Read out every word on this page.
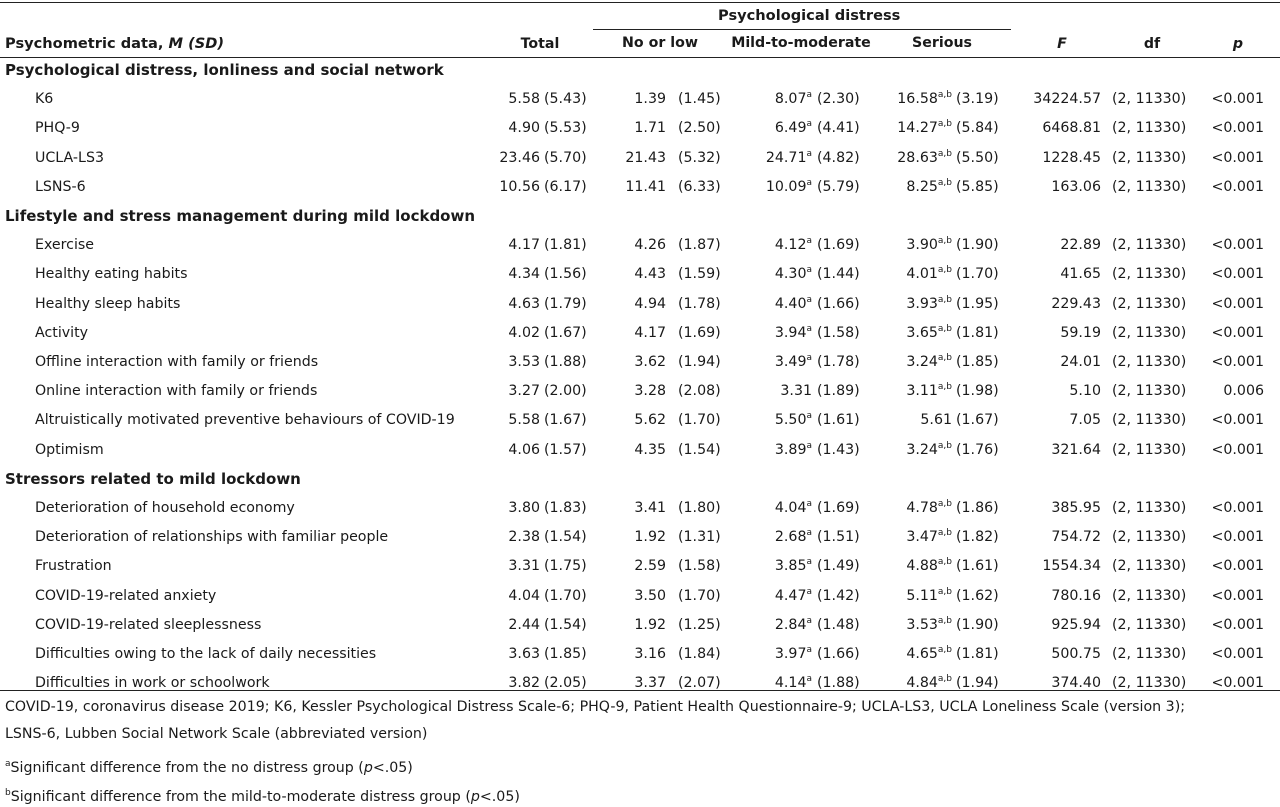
Psychological distress
Psychometric data, M (SD)	Total	No or low	Mild-to-moderate	Serious	F	df	p
Psychological distress, lonliness and social network
K6	5.58 (5.43)	1.39 (1.45)	8.07$^a$ (2.30)	16.58$^{a,b}$ (3.19)	34224.57 (2, 11330)	<0.001
PHQ-9	4.90 (5.53)	1.71 (2.50)	6.49$^a$ (4.41)	14.27$^{a,b}$ (5.84)	6468.81 (2, 11330)	<0.001
UCLA-LS3	23.46 (5.70)	21.43 (5.32)	24.71$^a$ (4.82)	28.63$^{a,b}$ (5.50)	1228.45 (2, 11330)	<0.001
LSNS-6	10.56 (6.17)	11.41 (6.33)	10.09$^a$ (5.79)	8.25$^{a,b}$ (5.85)	163.06 (2, 11330)	<0.001
Lifestyle and stress management during mild lockdown
Exercise	4.17 (1.81)	4.26 (1.87)	4.12$^a$ (1.69)	3.90$^{a,b}$ (1.90)	22.89 (2, 11330)	<0.001
Healthy eating habits	4.34 (1.56)	4.43 (1.59)	4.30$^a$ (1.44)	4.01$^{a,b}$ (1.70)	41.65 (2, 11330)	<0.001
Healthy sleep habits	4.63 (1.79)	4.94 (1.78)	4.40$^a$ (1.66)	3.93$^{a,b}$ (1.95)	229.43 (2, 11330)	<0.001
Activity	4.02 (1.67)	4.17 (1.69)	3.94$^a$ (1.58)	3.65$^{a,b}$ (1.81)	59.19 (2, 11330)	<0.001
Offline interaction with family or friends	3.53 (1.88)	3.62 (1.94)	3.49$^a$ (1.78)	3.24$^{a,b}$ (1.85)	24.01 (2, 11330)	<0.001
Online interaction with family or friends	3.27 (2.00)	3.28 (2.08)	3.31 (1.89)	3.11$^{a,b}$ (1.98)	5.10 (2, 11330)	0.006
Altruistically motivated preventive behaviours of COVID-19	5.58 (1.67)	5.62 (1.70)	5.50$^a$ (1.61)	5.61 (1.67)	7.05 (2, 11330)	<0.001
Optimism	4.06 (1.57)	4.35 (1.54)	3.89$^a$ (1.43)	3.24$^{a,b}$ (1.76)	321.64 (2, 11330)	<0.001
Stressors related to mild lockdown
Deterioration of household economy	3.80 (1.83)	3.41 (1.80)	4.04$^a$ (1.69)	4.78$^{a,b}$ (1.86)	385.95 (2, 11330)	<0.001
Deterioration of relationships with familiar people	2.38 (1.54)	1.92 (1.31)	2.68$^a$ (1.51)	3.47$^{a,b}$ (1.82)	754.72 (2, 11330)	<0.001
Frustration	3.31 (1.75)	2.59 (1.58)	3.85$^a$ (1.49)	4.88$^{a,b}$ (1.61)	1554.34 (2, 11330)	<0.001
COVID-19-related anxiety	4.04 (1.70)	3.50 (1.70)	4.47$^a$ (1.42)	5.11$^{a,b}$ (1.62)	780.16 (2, 11330)	<0.001
COVID-19-related sleeplessness	2.44 (1.54)	1.92 (1.25)	2.84$^a$ (1.48)	3.53$^{a,b}$ (1.90)	925.94 (2, 11330)	<0.001
Difficulties owing to the lack of daily necessities	3.63 (1.85)	3.16 (1.84)	3.97$^a$ (1.66)	4.65$^{a,b}$ (1.81)	500.75 (2, 11330)	<0.001
Difficulties in work or schoolwork	3.82 (2.05)	3.37 (2.07)	4.14$^a$ (1.88)	4.84$^{a,b}$ (1.94)	374.40 (2, 11330)	<0.001
COVID-19, coronavirus disease 2019; K6, Kessler Psychological Distress Scale-6; PHQ-9, Patient Health Questionnaire-9; UCLA-LS3, UCLA Loneliness Scale (version 3);
LSNS-6, Lubben Social Network Scale (abbreviated version)
$^a$Significant difference from the no distress group (p<.05)
$^b$Significant difference from the mild-to-moderate distress group (p<.05)
